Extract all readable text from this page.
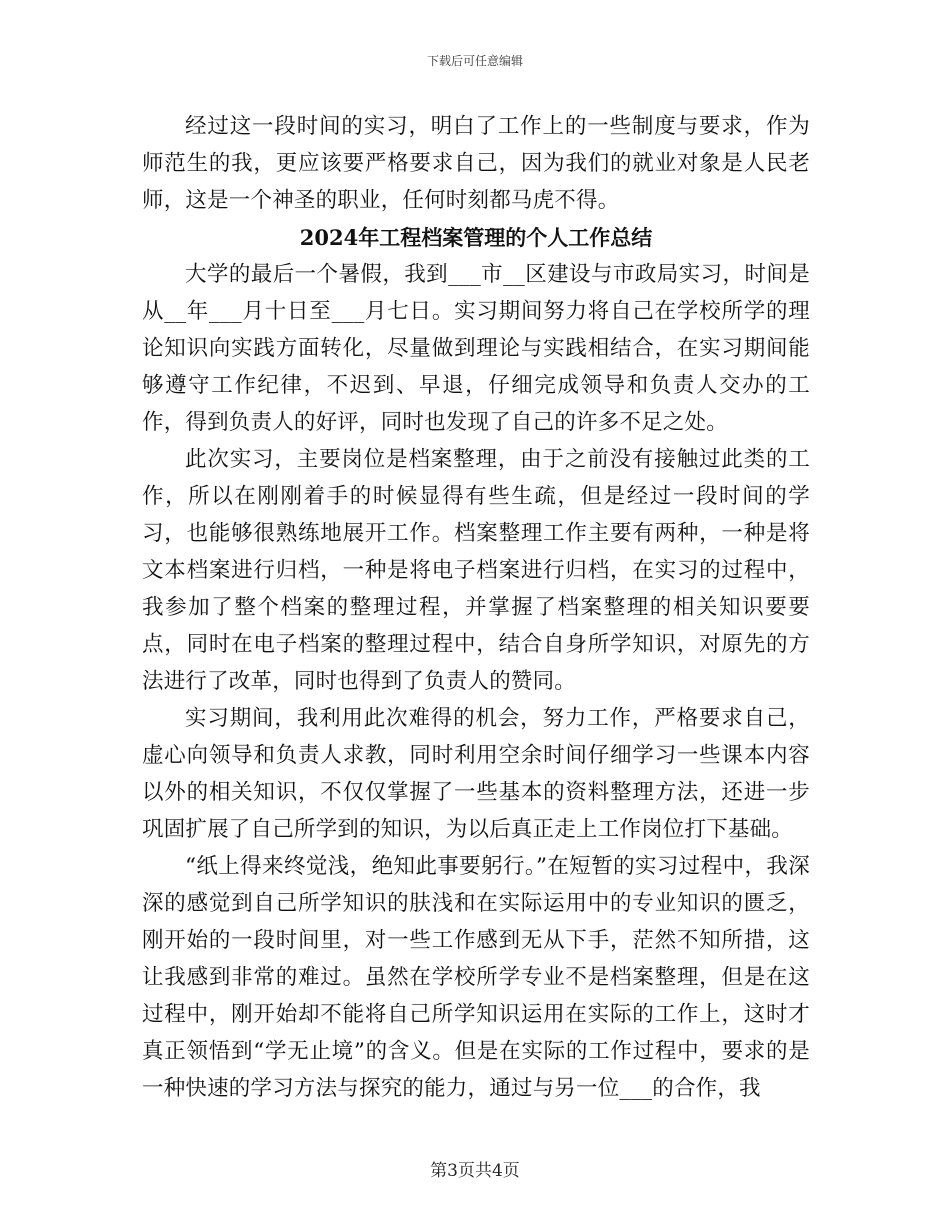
下载后可任意编辑

经过这一段时间的实习，明白了工作上的一些制度与要求，作为师范生的我，更应该要严格要求自己，因为我们的就业对象是人民老师，这是一个神圣的职业，任何时刻都马虎不得。

2024年工程档案管理的个人工作总结

大学的最后一个暑假，我到___市__区建设与市政局实习，时间是从__年___月十日至___月七日。实习期间努力将自己在学校所学的理论知识向实践方面转化，尽量做到理论与实践相结合，在实习期间能够遵守工作纪律，不迟到、早退，仔细完成领导和负责人交办的工作，得到负责人的好评，同时也发现了自己的许多不足之处。

此次实习，主要岗位是档案整理，由于之前没有接触过此类的工作，所以在刚刚着手的时候显得有些生疏，但是经过一段时间的学习，也能够很熟练地展开工作。档案整理工作主要有两种，一种是将文本档案进行归档，一种是将电子档案进行归档，在实习的过程中，我参加了整个档案的整理过程，并掌握了档案整理的相关知识要要点，同时在电子档案的整理过程中，结合自身所学知识，对原先的方法进行了改革，同时也得到了负责人的赞同。

实习期间，我利用此次难得的机会，努力工作，严格要求自己，虚心向领导和负责人求教，同时利用空余时间仔细学习一些课本内容以外的相关知识，不仅仅掌握了一些基本的资料整理方法，还进一步巩固扩展了自己所学到的知识，为以后真正走上工作岗位打下基础。

“纸上得来终觉浅，绝知此事要躬行。”在短暂的实习过程中，我深深的感觉到自己所学知识的肤浅和在实际运用中的专业知识的匮乏，刚开始的一段时间里，对一些工作感到无从下手，茫然不知所措，这让我感到非常的难过。虽然在学校所学专业不是档案整理，但是在这过程中，刚开始却不能将自己所学知识运用在实际的工作上，这时才真正领悟到“学无止境”的含义。但是在实际的工作过程中，要求的是一种快速的学习方法与探究的能力，通过与另一位___的合作，我

第3页共4页
